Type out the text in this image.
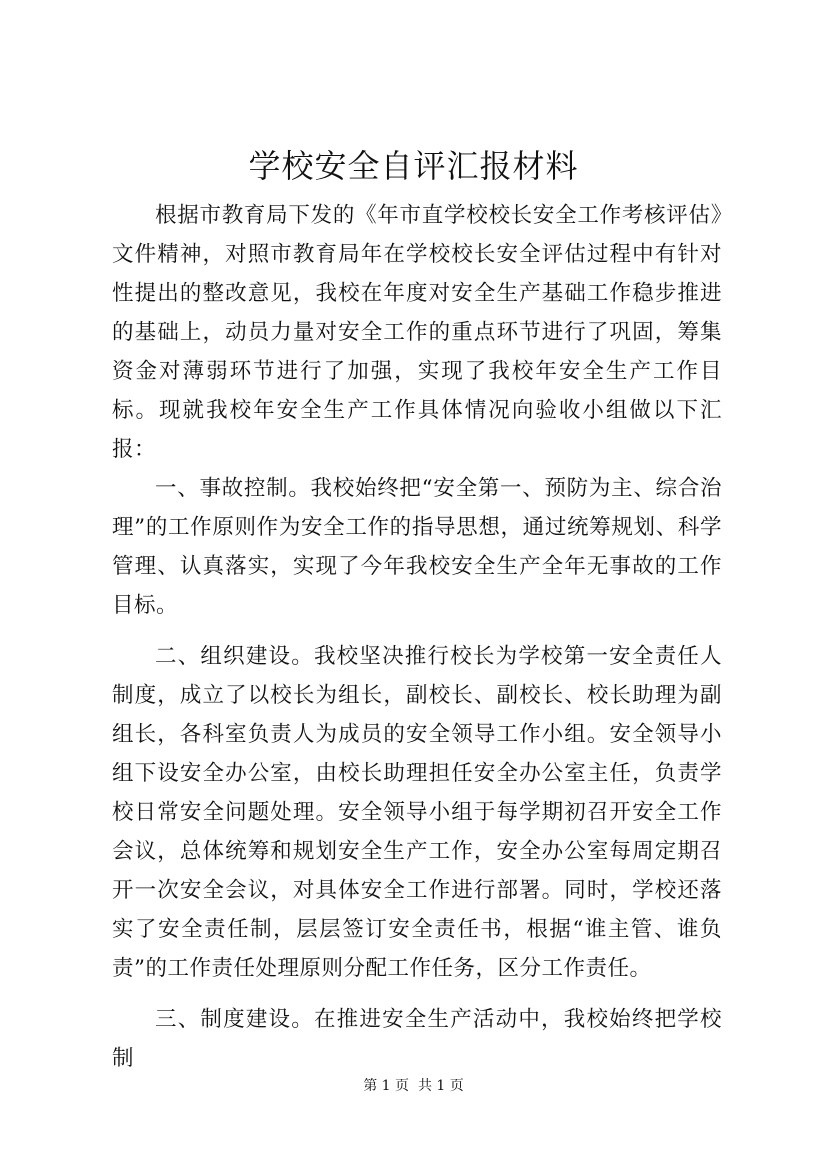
学校安全自评汇报材料

根据市教育局下发的《年市直学校校长安全工作考核评估》文件精神，对照市教育局年在学校校长安全评估过程中有针对性提出的整改意见，我校在年度对安全生产基础工作稳步推进的基础上，动员力量对安全工作的重点环节进行了巩固，筹集资金对薄弱环节进行了加强，实现了我校年安全生产工作目标。现就我校年安全生产工作具体情况向验收小组做以下汇报：

一、事故控制。我校始终把“安全第一、预防为主、综合治理”的工作原则作为安全工作的指导思想，通过统筹规划、科学管理、认真落实，实现了今年我校安全生产全年无事故的工作目标。

二、组织建设。我校坚决推行校长为学校第一安全责任人制度，成立了以校长为组长，副校长、副校长、校长助理为副组长，各科室负责人为成员的安全领导工作小组。安全领导小组下设安全办公室，由校长助理担任安全办公室主任，负责学校日常安全问题处理。安全领导小组于每学期初召开安全工作会议，总体统筹和规划安全生产工作，安全办公室每周定期召开一次安全会议，对具体安全工作进行部署。同时，学校还落实了安全责任制，层层签订安全责任书，根据“谁主管、谁负责”的工作责任处理原则分配工作任务，区分工作责任。

三、制度建设。在推进安全生产活动中，我校始终把学校制

第 1 页  共 1 页
